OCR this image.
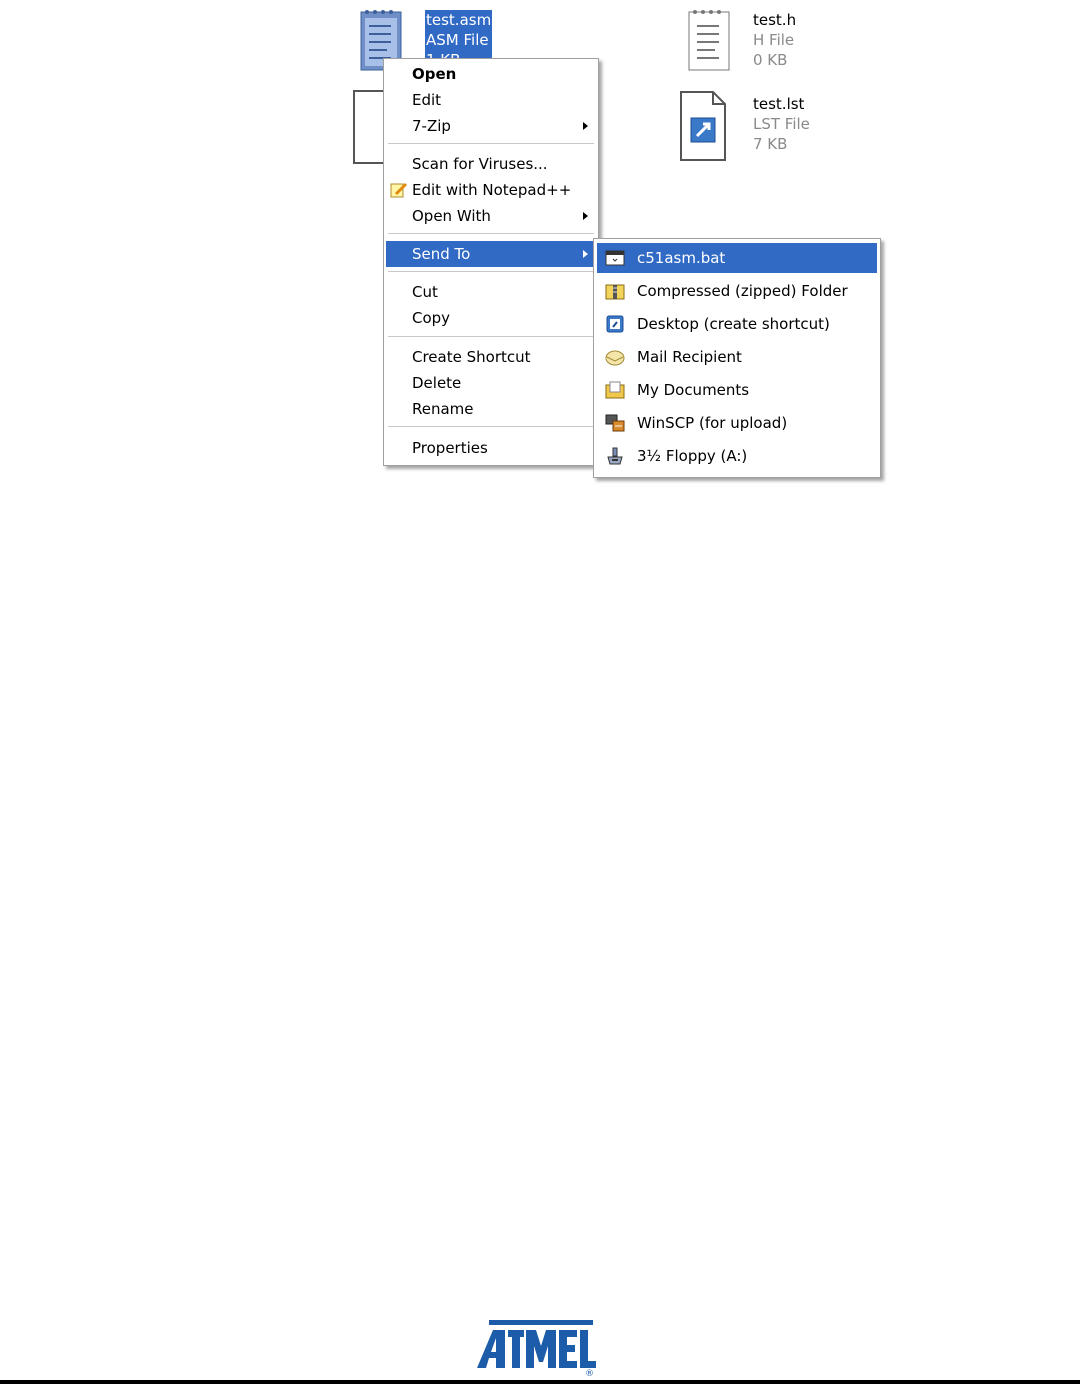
test.asm
ASM File
test.h
H File
0 KB
test.lst
LST File
7 KB
Open
Edit
7-Zip
Scan for Viruses...
Edit with Notepad++
Open With
Send To
Cut
Copy
Create Shortcut
Delete
Rename
Properties
c51asm.bat
Compressed (zipped) Folder
Desktop (create shortcut)
Mail Recipient
My Documents
WinSCP (for upload)
3½ Floppy (A:)
®
